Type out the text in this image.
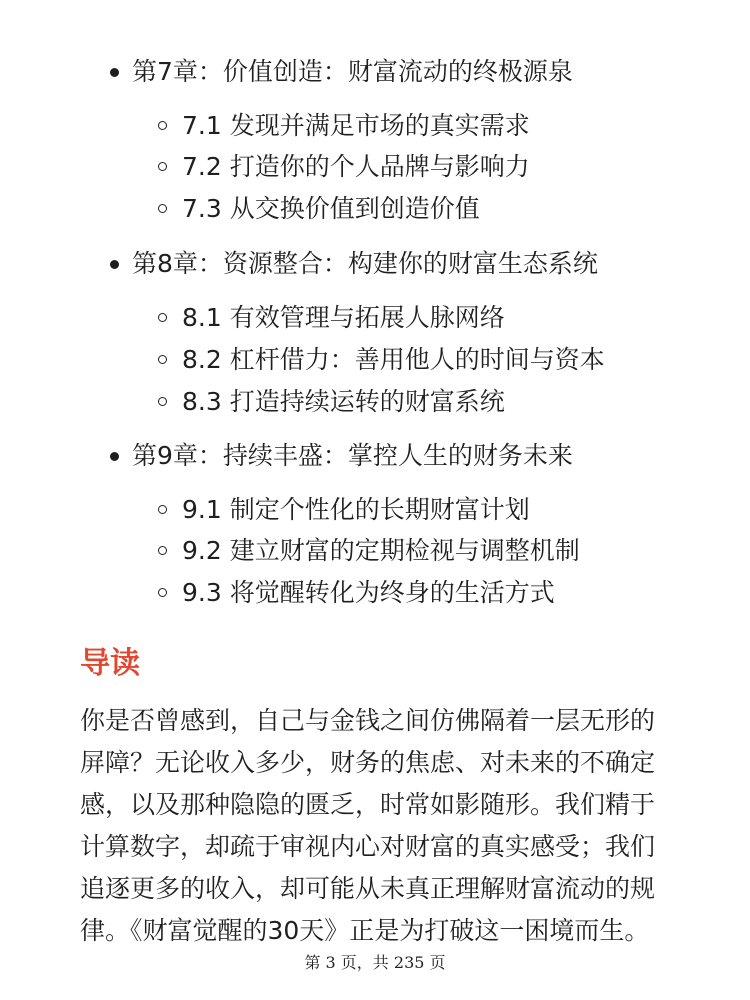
第7章：价值创造：财富流动的终极源泉
7.1 发现并满足市场的真实需求
7.2 打造你的个人品牌与影响力
7.3 从交换价值到创造价值
第8章：资源整合：构建你的财富生态系统
8.1 有效管理与拓展人脉网络
8.2 杠杆借力：善用他人的时间与资本
8.3 打造持续运转的财富系统
第9章：持续丰盛：掌控人生的财务未来
9.1 制定个性化的长期财富计划
9.2 建立财富的定期检视与调整机制
9.3 将觉醒转化为终身的生活方式
导读
你是否曾感到，自己与金钱之间仿佛隔着一层无形的
屏障？无论收入多少，财务的焦虑、对未来的不确定
感，以及那种隐隐的匮乏，时常如影随形。我们精于
计算数字，却疏于审视内心对财富的真实感受；我们
追逐更多的收入，却可能从未真正理解财富流动的规
律。《财富觉醒的30天》正是为打破这一困境而生。
第 3 页，共 235 页
